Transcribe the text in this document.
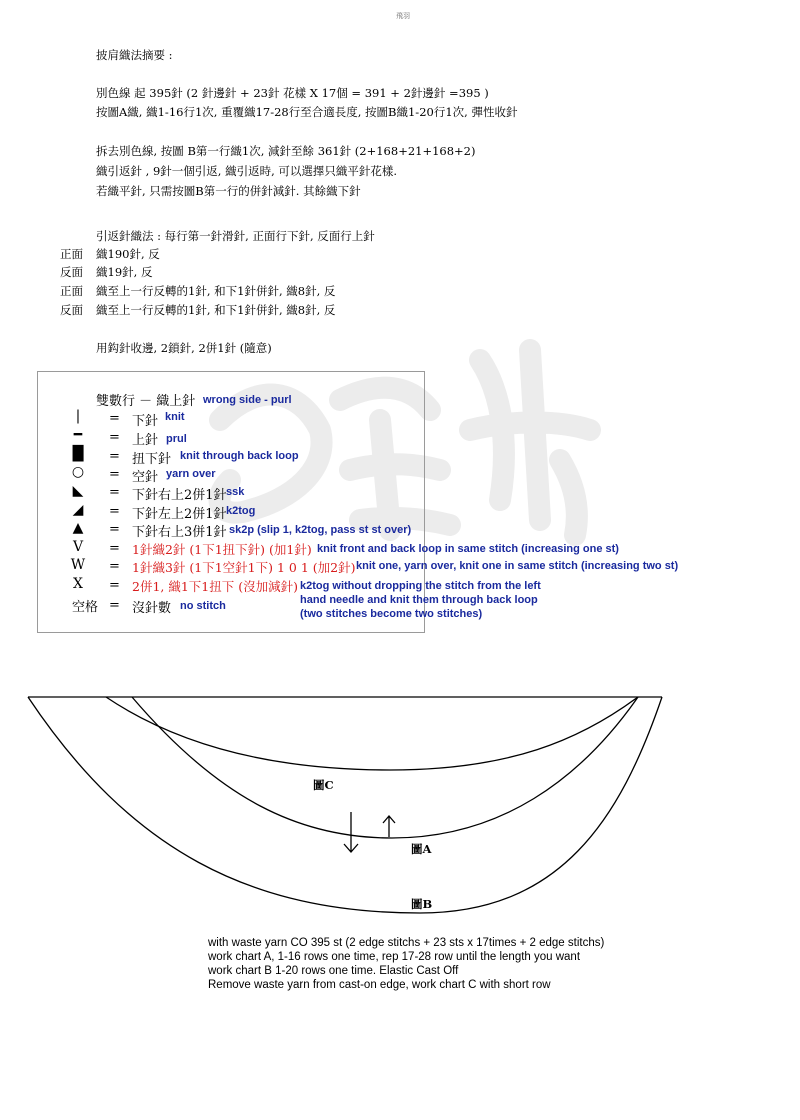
飛羽
披肩織法摘要 :
別色線 起 395針 (2 針邊針 + 23針 花樣 X 17個 = 391 + 2針邊針 =395 )
按圖A織, 織1-16行1次, 重覆織17-28行至合適長度, 按圖B織1-20行1次, 彈性收針
拆去別色線, 按圖 B第一行織1次, 減針至餘 361針 (2+168+21+168+2)
織引返針 , 9針一個引返, 織引返時, 可以選擇只織平針花樣.
若織平針, 只需按圖B第一行的併針減針. 其餘織下針
引返針織法 : 每行第一針滑針, 正面行下針, 反面行上針
正面 織190針, 反
反面 織19針, 反
正面 織至上一行反轉的1針, 和下1針併針, 織8針, 反
反面 織至上一行反轉的1針, 和下1針併針, 織8針, 反
用鈎針收邊, 2鎖針, 2併1針 (隨意)
雙數行 － 織上針 wrong side - purl
|	= 下針 knit
━	= 上針 prul
█	= 扭下針 knit through back loop
○ = 空針 yarn over
◣	= 下針右上2併1針 ssk
◢	= 下針左上2併1針 k2tog
▲	= 下針右上3併1針 sk2p (slip 1, k2tog, pass st st over)
V	= 1針織2針 (1下1扭下針) (加1針) knit front and back loop in same stitch (increasing one st)
W = 1針織3針 (1下1空針1下) 1 0 1 (加2針) knit one, yarn over, knit one in same stitch (increasing two st)
X	= 2併1, 織1下1扭下 (沒加減針) k2tog without dropping the stitch from the left
hand needle and knit them through back loop
(two stitches become two stitches)
空格 = 沒針數 no stitch
圖C
圖A
圖B
with waste yarn CO 395 st (2 edge stitchs + 23 sts x 17times + 2 edge stitchs)
work chart A, 1-16 rows one time, rep 17-28 row until the length you want
work chart B 1-20 rows one time. Elastic Cast Off
Remove waste yarn from cast-on edge, work chart C with short row
